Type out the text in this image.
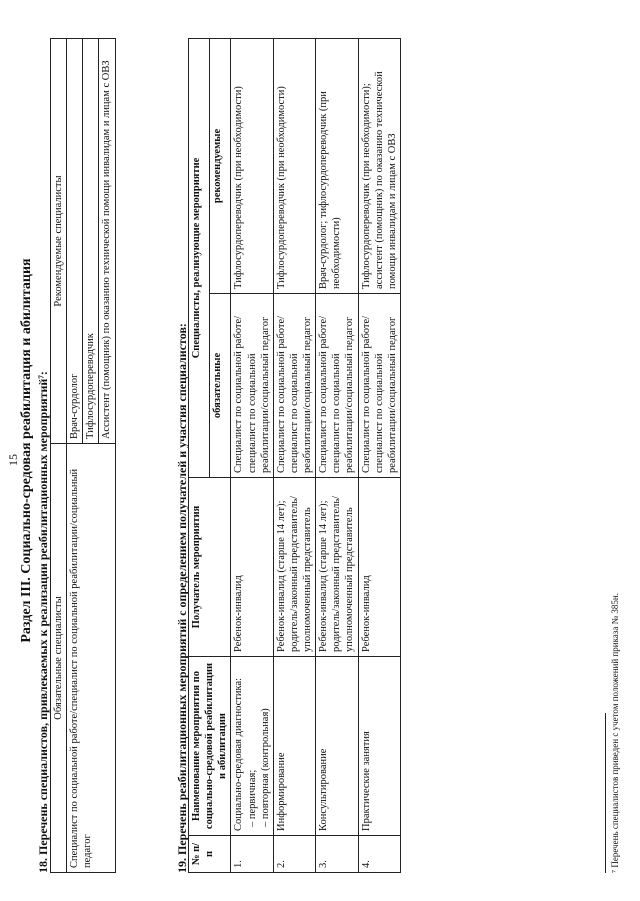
15 Раздел III. Социально-средовая реабилитация и абилитация 18. Перечень специалистов, привлекаемых к реализации реабилитационных мероприятий⁷: Обязательные специалисты	Рекомендуемые специалисты
Специалист по социальной работе/специалист по социальной реабилитации/социальный педагог	Врач-сурдолог
	Тифлосурдопереводчик
	Ассистент (помощник) по оказанию технической помощи инвалидам и лицам с ОВЗ
19. Перечень реабилитационных мероприятий с определением получателей и участия специалистов: № п/п	Наименование мероприятия по социально-средовой реабилитации и абилитации	Получатель мероприятия	Специалисты, реализующие мероприятие	
			обязательные	рекомендуемые
1.	Социально-средовая диагностика: – первичная; – повторная (контрольная)	Ребенок-инвалид	Специалист по социальной работе/специалист по социальной реабилитации/социальный педагог	Тифлосурдопереводчик (при необходимости)
2.	Информирование	Ребенок-инвалид (старше 14 лет); родитель/законный представитель/уполномоченный представитель	Специалист по социальной работе/специалист по социальной реабилитации/социальный педагог	Тифлосурдопереводчик (при необходимости)
3.	Консультирование	Ребенок-инвалид (старше 14 лет); родитель/законный представитель/уполномоченный представитель	Специалист по социальной работе/специалист по социальной реабилитации/социальный педагог	Врач-сурдолог; тифлосурдопереводчик (при необходимости)
4.	Практические занятия	Ребенок-инвалид	Специалист по социальной работе/специалист по социальной реабилитации/социальный педагог	Тифлосурдопереводчик (при необходимости); ассистент (помощник) по оказанию технической помощи инвалидам и лицам с ОВЗ
⁷ Перечень специалистов приведен с учетом положений приказа № 385н.
